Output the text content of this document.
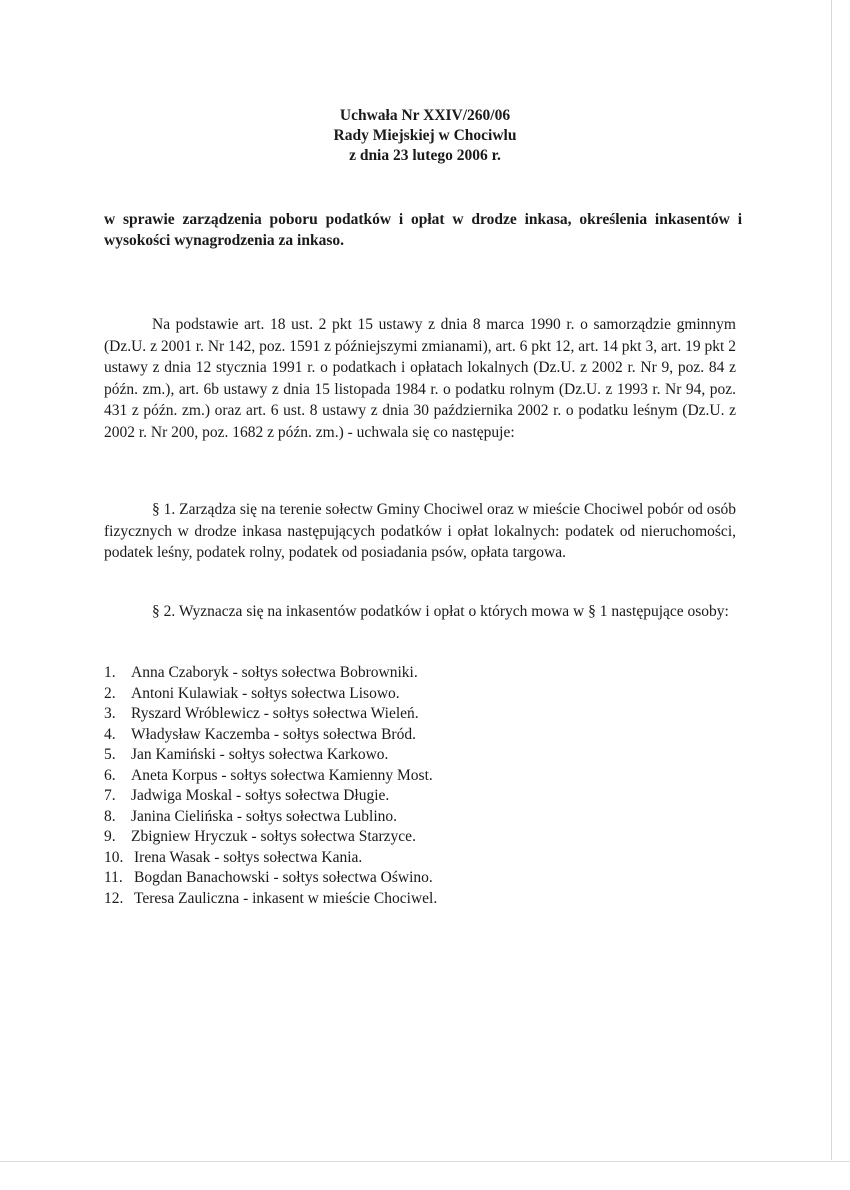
Uchwała Nr XXIV/260/06
Rady Miejskiej w Chociwlu
z dnia 23 lutego 2006 r.
w sprawie zarządzenia poboru podatków i opłat w drodze inkasa, określenia inkasentów i wysokości wynagrodzenia za inkaso.
Na podstawie art. 18 ust. 2 pkt 15 ustawy z dnia 8 marca 1990 r. o samorządzie gminnym (Dz.U. z 2001 r. Nr 142, poz. 1591 z późniejszymi zmianami), art. 6 pkt 12, art. 14 pkt 3, art. 19 pkt 2 ustawy z dnia 12 stycznia 1991 r. o podatkach i opłatach lokalnych (Dz.U. z 2002 r. Nr 9, poz. 84 z późn. zm.), art. 6b ustawy z dnia 15 listopada 1984 r. o podatku rolnym (Dz.U. z 1993 r. Nr 94, poz. 431 z późn. zm.) oraz art. 6 ust. 8 ustawy z dnia 30 października 2002 r. o podatku leśnym (Dz.U. z 2002 r. Nr 200, poz. 1682 z późn. zm.) - uchwala się co następuje:
§ 1. Zarządza się na terenie sołectw Gminy Chociwel oraz w mieście Chociwel pobór od osób fizycznych w drodze inkasa następujących podatków i opłat lokalnych: podatek od nieruchomości, podatek leśny, podatek rolny, podatek od posiadania psów, opłata targowa.
§ 2. Wyznacza się na inkasentów podatków i opłat o których mowa w § 1 następujące osoby:
1. Anna Czaboryk - sołtys sołectwa Bobrowniki.
2. Antoni Kulawiak - sołtys sołectwa Lisowo.
3. Ryszard Wróblewicz - sołtys sołectwa Wieleń.
4. Władysław Kaczemba - sołtys sołectwa Bród.
5. Jan Kamiński - sołtys sołectwa Karkowo.
6. Aneta Korpus - sołtys sołectwa Kamienny Most.
7. Jadwiga Moskal - sołtys sołectwa Długie.
8. Janina Cielińska - sołtys sołectwa Lublino.
9. Zbigniew Hryczuk - sołtys sołectwa Starzyce.
10. Irena Wasak - sołtys sołectwa Kania.
11. Bogdan Banachowski - sołtys sołectwa Oświno.
12. Teresa Zauliczna - inkasent w mieście Chociwel.
